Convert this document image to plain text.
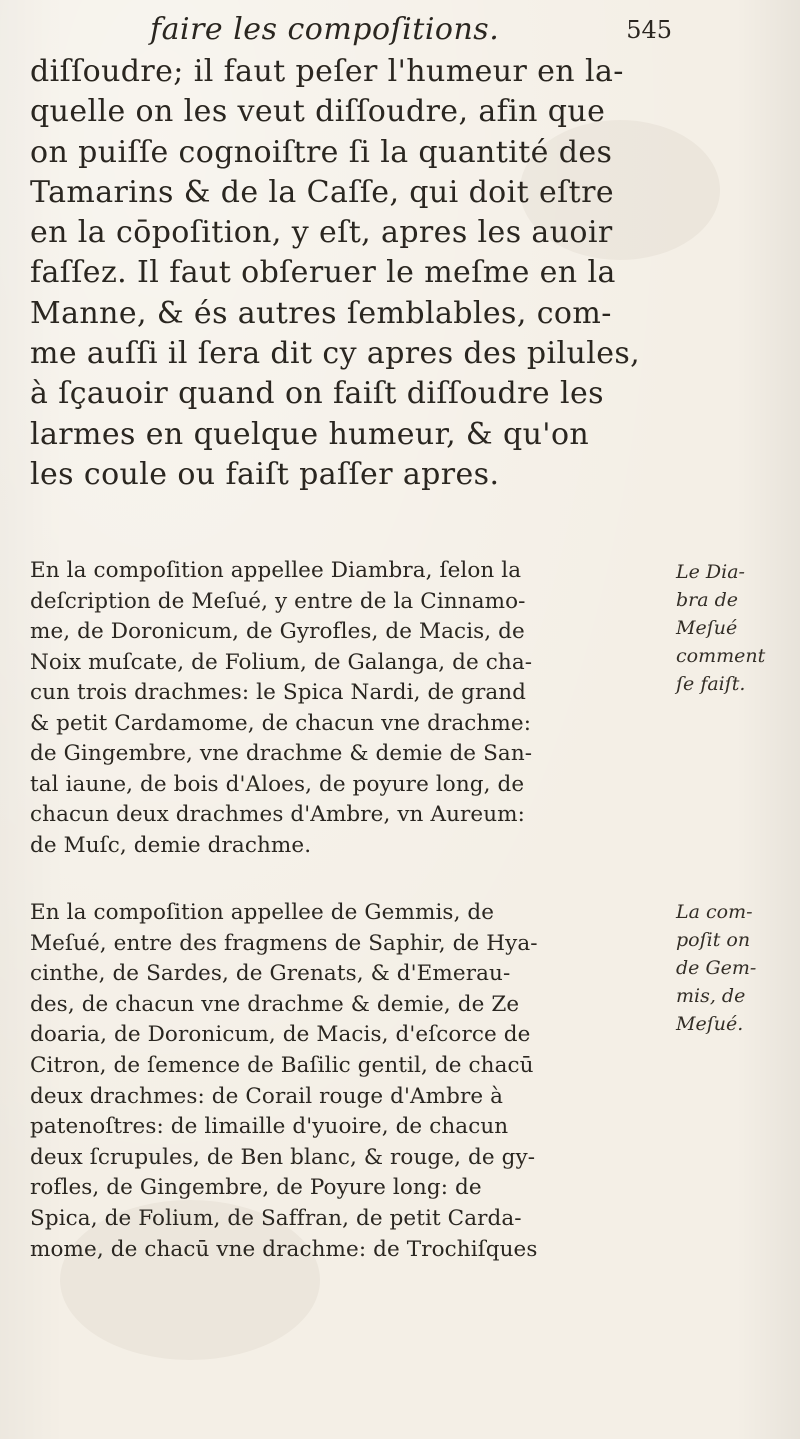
faire les compoſitions.	545
diſſoudre; il faut peſer l'humeur en la-
quelle on les veut diſſoudre, afin que
on puiſſe cognoiſtre ſi la quantité des
Tamarins & de la Caſſe, qui doit eſtre
en la cōpoſition, y eſt, apres les auoir
faſſez. Il faut obſeruer le meſme en la
Manne, & és autres ſemblables, com-
me auſſi il ſera dit cy apres des pilules,
à ſçauoir quand on faiſt diſſoudre les
larmes en quelque humeur, & qu'on
les coule ou faiſt paſſer apres.
En la compoſition appellee Diambra, ſelon la
deſcription de Meſué, y entre de la Cinnamo-
me, de Doronicum, de Gyrofles, de Macis, de
Noix muſcate, de Folium, de Galanga, de cha-
cun trois drachmes: le Spica Nardi, de grand
& petit Cardamome, de chacun vne drachme:
de Gingembre, vne drachme & demie de San-
tal iaune, de bois d'Aloes, de poyure long, de
chacun deux drachmes d'Ambre, vn Aureum:
de Muſc, demie drachme.
En la compoſition appellee de Gemmis, de
Meſué, entre des fragmens de Saphir, de Hya-
cinthe, de Sardes, de Grenats, & d'Emerau-
des, de chacun vne drachme & demie, de Ze
doaria, de Doronicum, de Macis, d'eſcorce de
Citron, de ſemence de Baſilic gentil, de chacū
deux drachmes: de Corail rouge d'Ambre à
patenoſtres: de limaille d'yuoire, de chacun
deux ſcrupules, de Ben blanc, & rouge, de gy-
rofles, de Gingembre, de Poyure long: de
Spica, de Folium, de Saffran, de petit Carda-
mome, de chacū vne drachme: de Trochiſques
Le Dia-
bra de
Meſué
comment
ſe faiſt.
La com-
poſit on
de Gem-
mis, de
Meſué.
